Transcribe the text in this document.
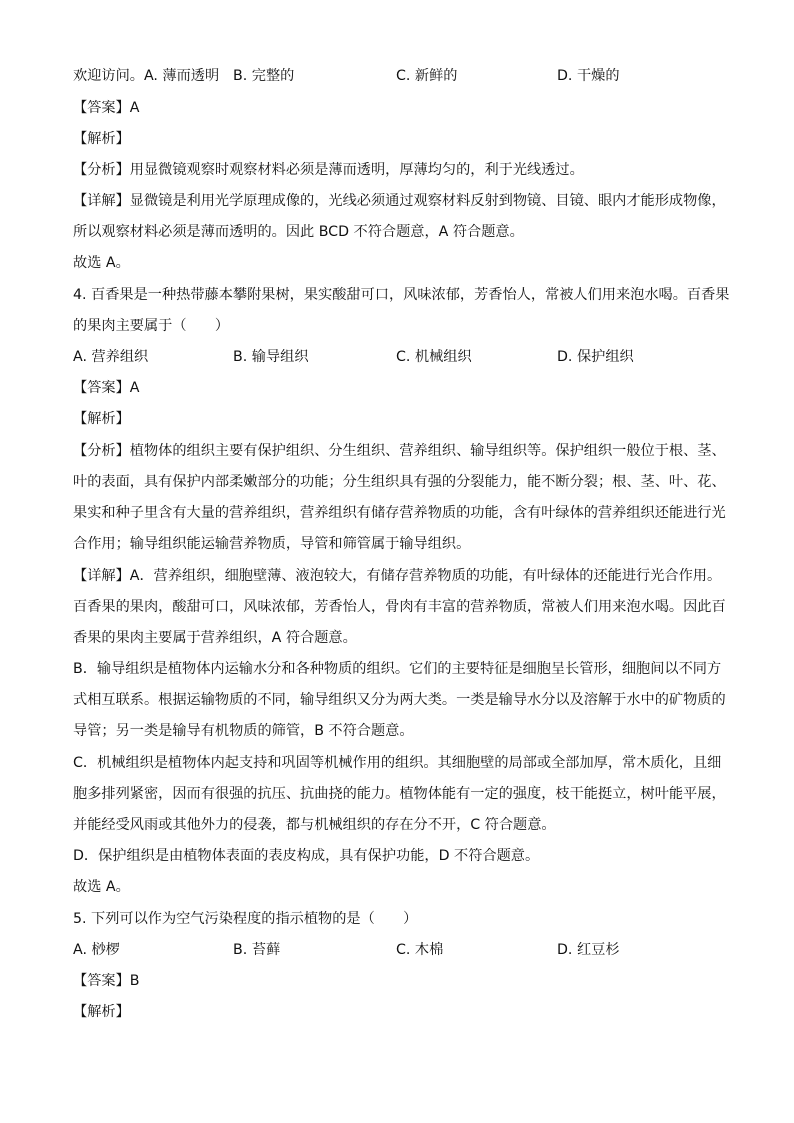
欢迎访问。A. 薄而透明 B. 完整的	C. 新鲜的	D. 干燥的
【答案】A
【解析】
【分析】用显微镜观察时观察材料必须是薄而透明，厚薄均匀的，利于光线透过。
【详解】显微镜是利用光学原理成像的，光线必须通过观察材料反射到物镜、目镜、眼内才能形成物像，
所以观察材料必须是薄而透明的。因此 BCD 不符合题意，A 符合题意。
故选 A。
4. 百香果是一种热带藤本攀附果树，果实酸甜可口，风味浓郁，芳香怡人，常被人们用来泡水喝。百香果
的果肉主要属于（　　）
A. 营养组织	B. 输导组织	C. 机械组织	D. 保护组织
【答案】A
【解析】
【分析】植物体的组织主要有保护组织、分生组织、营养组织、输导组织等。保护组织一般位于根、茎、
叶的表面，具有保护内部柔嫩部分的功能；分生组织具有强的分裂能力，能不断分裂；根、茎、叶、花、
果实和种子里含有大量的营养组织，营养组织有储存营养物质的功能，含有叶绿体的营养组织还能进行光
合作用；输导组织能运输营养物质，导管和筛管属于输导组织。
【详解】A．营养组织，细胞壁薄、液泡较大，有储存营养物质的功能，有叶绿体的还能进行光合作用。
百香果的果肉，酸甜可口，风味浓郁，芳香怡人，骨肉有丰富的营养物质，常被人们用来泡水喝。因此百
香果的果肉主要属于营养组织，A 符合题意。
B．输导组织是植物体内运输水分和各种物质的组织。它们的主要特征是细胞呈长管形，细胞间以不同方
式相互联系。根据运输物质的不同，输导组织又分为两大类。一类是输导水分以及溶解于水中的矿物质的
导管；另一类是输导有机物质的筛管，B 不符合题意。
C．机械组织是植物体内起支持和巩固等机械作用的组织。其细胞壁的局部或全部加厚，常木质化，且细
胞多排列紧密，因而有很强的抗压、抗曲挠的能力。植物体能有一定的强度，枝干能挺立，树叶能平展，
并能经受风雨或其他外力的侵袭，都与机械组织的存在分不开，C 符合题意。
D．保护组织是由植物体表面的表皮构成，具有保护功能，D 不符合题意。
故选 A。
5. 下列可以作为空气污染程度的指示植物的是（　　）
A. 桫椤	B. 苔藓	C. 木棉	D. 红豆杉
【答案】B
【解析】
